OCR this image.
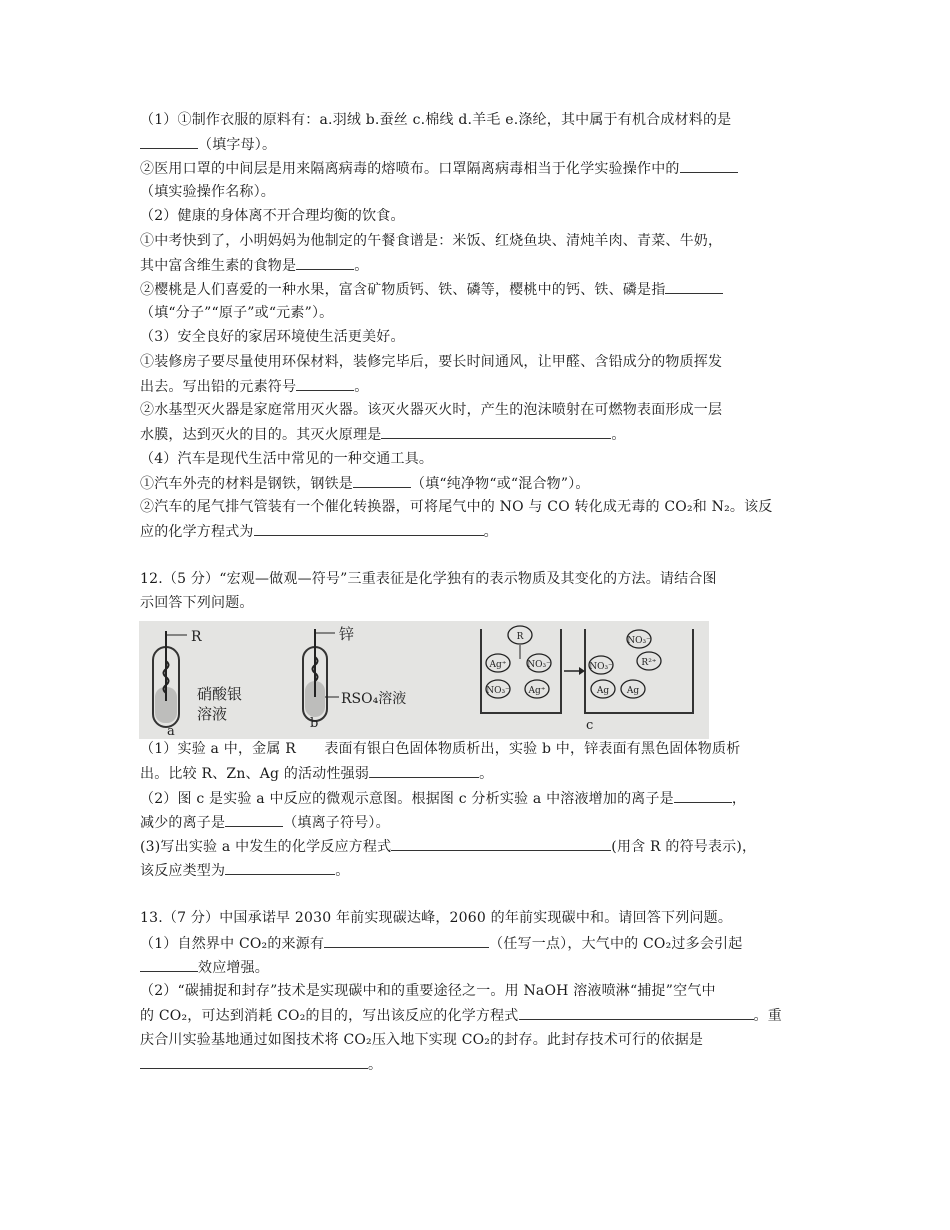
（1）①制作衣服的原料有：a.羽绒 b.蚕丝 c.棉线 d.羊毛 e.涤纶，其中属于有机合成材料的是
（填字母）。
②医用口罩的中间层是用来隔离病毒的熔喷布。口罩隔离病毒相当于化学实验操作中的
（填实验操作名称）。
（2）健康的身体离不开合理均衡的饮食。
①中考快到了，小明妈妈为他制定的午餐食谱是：米饭、红烧鱼块、清炖羊肉、青菜、牛奶，
其中富含维生素的食物是	。
②樱桃是人们喜爱的一种水果，富含矿物质钙、铁、磷等，樱桃中的钙、铁、磷是指
（填“分子”“原子”或“元素”）。
（3）安全良好的家居环境使生活更美好。
①装修房子要尽量使用环保材料，装修完毕后，要长时间通风，让甲醛、含铅成分的物质挥发
出去。写出铅的元素符号	。
②水基型灭火器是家庭常用灭火器。该灭火器灭火时，产生的泡沫喷射在可燃物表面形成一层
水膜，达到灭火的目的。其灭火原理是	。
（4）汽车是现代生活中常见的一种交通工具。
①汽车外壳的材料是钢铁，钢铁是	（填“纯净物“或“混合物”）。
②汽车的尾气排气管装有一个催化转换器，可将尾气中的 NO 与 CO 转化成无毒的 CO₂和 N₂。该反
应的化学方程式为	。
12.（5 分）“宏观—做观—符号”三重表征是化学独有的表示物质及其变化的方法。请结合图
示回答下列问题。
（1）实验 a 中，金属 R　　表面有银白色固体物质析出，实验 b 中，锌表面有黑色固体物质析
出。比较 R、Zn、Ag 的活动性强弱	。
（2）图 c 是实验 a 中反应的微观示意图。根据图 c 分析实验 a 中溶液增加的离子是	，
减少的离子是	（填离子符号）。
(3)写出实验 a 中发生的化学反应方程式	(用含 R 的符号表示)，
该反应类型为	。
13.（7 分）中国承诺早 2030 年前实现碳达峰，2060 的年前实现碳中和。请回答下列问题。
（1）自然界中 CO₂的来源有	（任写一点），大气中的 CO₂过多会引起
效应增强。
（2）“碳捕捉和封存”技术是实现碳中和的重要途径之一。用 NaOH 溶液喷淋“捕捉”空气中
的 CO₂，可达到消耗 CO₂的目的，写出该反应的化学方程式	。重
庆合川实验基地通过如图技术将 CO₂压入地下实现 CO₂的封存。此封存技术可行的依据是
。
R
硝酸银
溶液
a
锌
RSO₄溶液
b
R
Ag⁺ NO₃⁻
NO₃⁻ Ag⁺
NO₃⁻
NO₃⁻	R²⁺
Ag Ag
c
